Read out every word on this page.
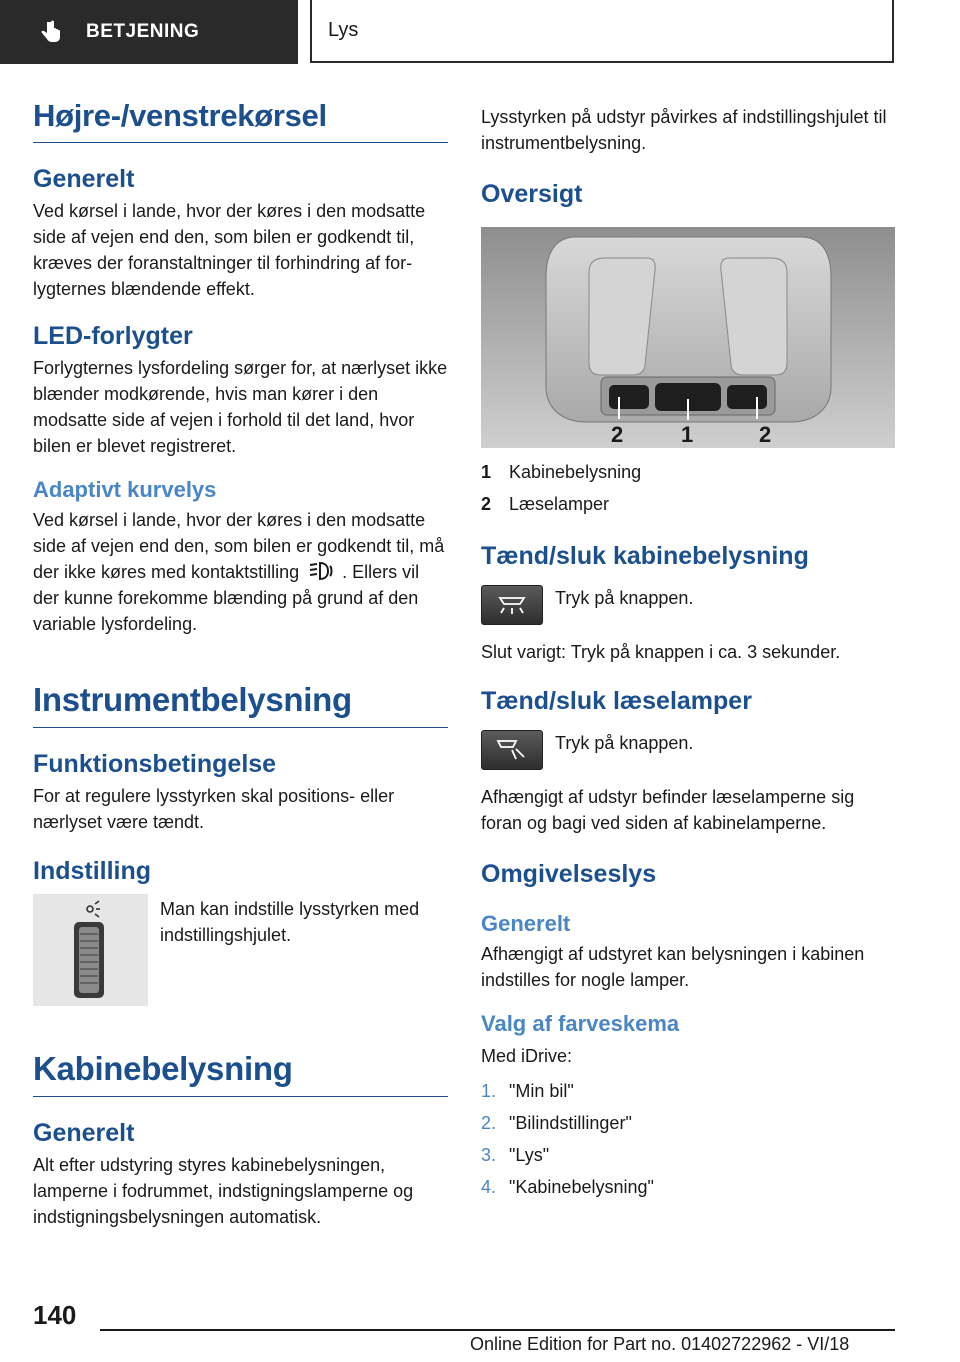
BETJENING	Lys
Højre-/venstrekørsel
Generelt

Ved kørsel i lande, hvor der køres i den modsatte side af vejen end den, som bilen er godkendt til, kræves der foranstaltninger til forhindring af for-lygternes blændende effekt.

LED-forlygter

Forlygternes lysfordeling sørger for, at nærlyset ikke blænder modkørende, hvis man kører i den modsatte side af vejen i forhold til det land, hvor bilen er blevet registreret.

Adaptivt kurvelys

Ved kørsel i lande, hvor der køres i den modsatte side af vejen end den, som bilen er godkendt til, må der ikke køres med kontaktstilling . Ellers vil der kunne forekomme blænding på grund af den variable lysfordeling.

Instrumentbelysning
Funktionsbetingelse

For at regulere lysstyrken skal positions- eller nærlyset være tændt.

Indstilling

Man kan indstille lysstyrken med indstillingshjulet.

Kabinebelysning
Generelt

Alt efter udstyring styres kabinebelysningen, lamperne i fodrummet, indstigningslamperne og indstigningsbelysningen automatisk.

Lysstyrken på udstyr påvirkes af indstillingshjulet til instrumentbelysning.

Oversigt
2	1	2
1 Kabinebelysning
2 Læselamper
Tænd/sluk kabinebelysning

Tryk på knappen.

Slut varigt: Tryk på knappen i ca. 3 sekunder.

Tænd/sluk læselamper

Tryk på knappen.

Afhængigt af udstyr befinder læselamperne sig foran og bagi ved siden af kabinelamperne.

Omgivelseslys
Generelt

Afhængigt af udstyret kan belysningen i kabinen indstilles for nogle lamper.

Valg af farveskema

Med iDrive:

1. "Min bil"
2. "Bilindstillinger"
3. "Lys"
4. "Kabinebelysning"
140
Online Edition for Part no. 01402722962 - VI/18
